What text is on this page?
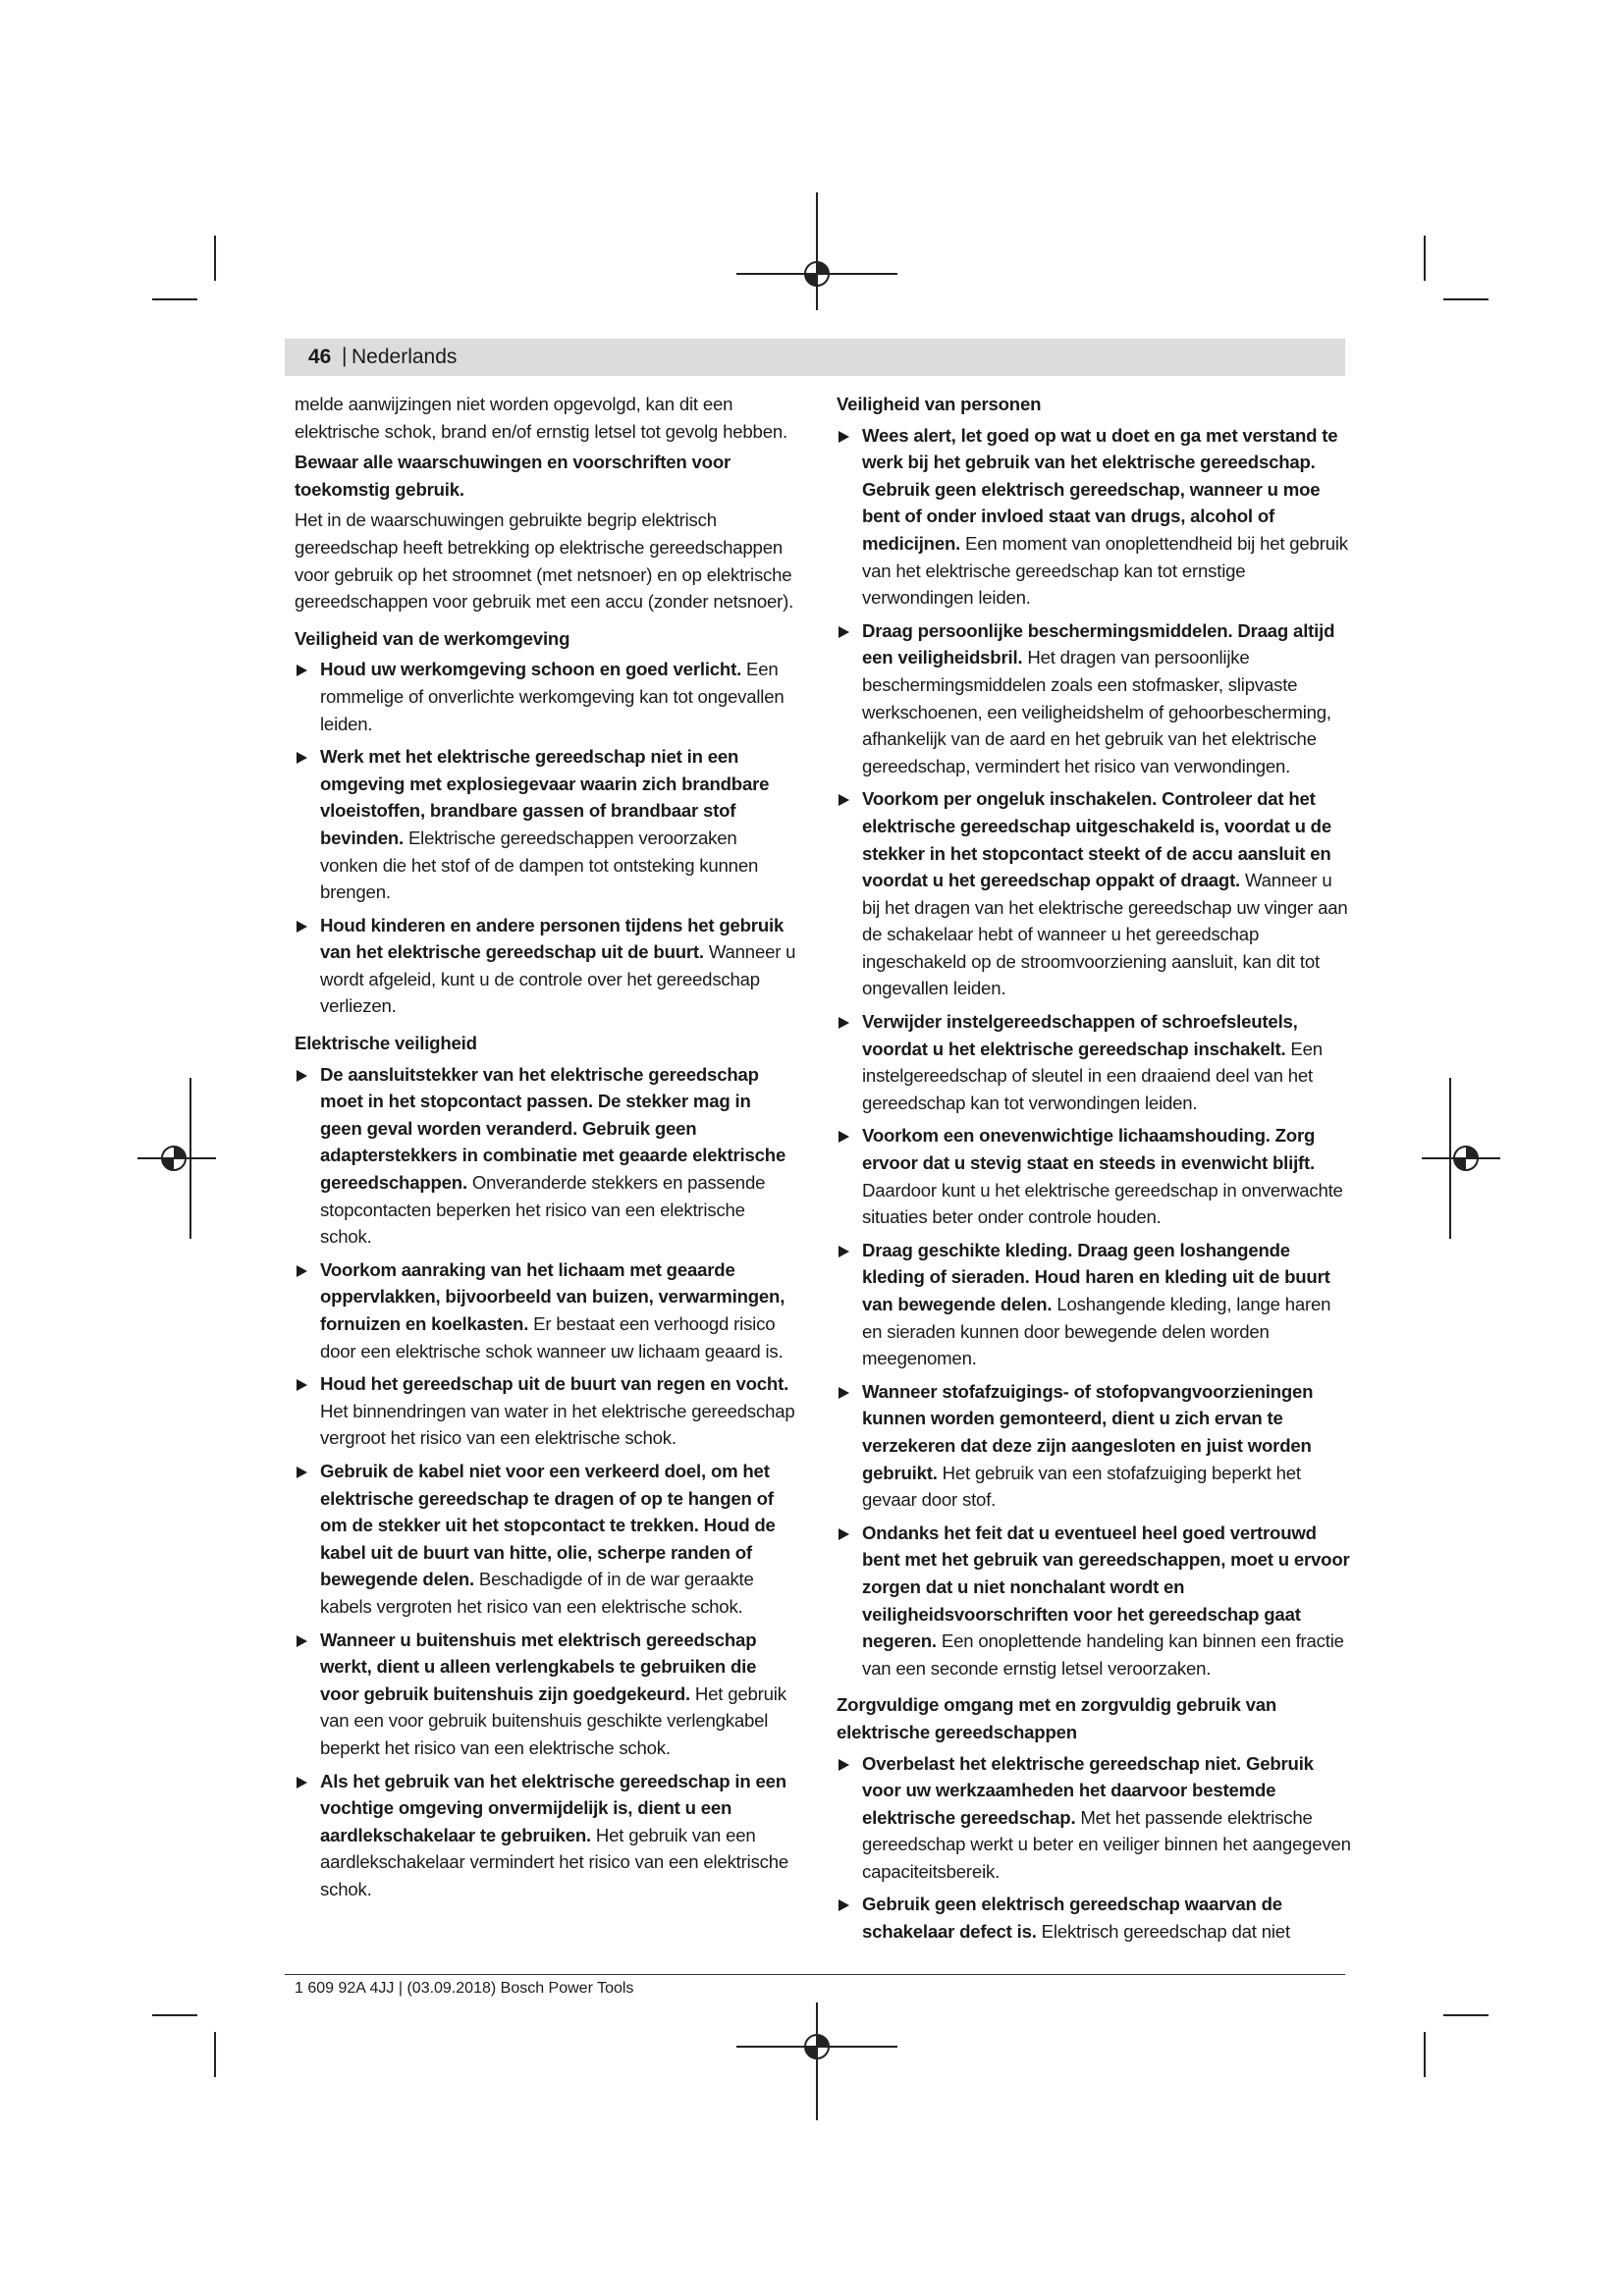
46 | Nederlands

melde aanwijzingen niet worden opgevolgd, kan dit een elektrische schok, brand en/of ernstig letsel tot gevolg hebben.

Bewaar alle waarschuwingen en voorschriften voor toekomstig gebruik.

Het in de waarschuwingen gebruikte begrip elektrisch gereedschap heeft betrekking op elektrische gereedschappen voor gebruik op het stroomnet (met netsnoer) en op elektrische gereedschappen voor gebruik met een accu (zonder netsnoer).

Veiligheid van de werkomgeving
Houd uw werkomgeving schoon en goed verlicht. Een rommelige of onverlichte werkomgeving kan tot ongevallen leiden.
Werk met het elektrische gereedschap niet in een omgeving met explosiegevaar waarin zich brandbare vloeistoffen, brandbare gassen of brandbaar stof bevinden. Elektrische gereedschappen veroorzaken vonken die het stof of de dampen tot ontsteking kunnen brengen.
Houd kinderen en andere personen tijdens het gebruik van het elektrische gereedschap uit de buurt. Wanneer u wordt afgeleid, kunt u de controle over het gereedschap verliezen.
Elektrische veiligheid
De aansluitstekker van het elektrische gereedschap moet in het stopcontact passen. De stekker mag in geen geval worden veranderd. Gebruik geen adapterstekkers in combinatie met geaarde elektrische gereedschappen. Onveranderde stekkers en passende stopcontacten beperken het risico van een elektrische schok.
Voorkom aanraking van het lichaam met geaarde oppervlakken, bijvoorbeeld van buizen, verwarmingen, fornuizen en koelkasten. Er bestaat een verhoogd risico door een elektrische schok wanneer uw lichaam geaard is.
Houd het gereedschap uit de buurt van regen en vocht. Het binnendringen van water in het elektrische gereedschap vergroot het risico van een elektrische schok.
Gebruik de kabel niet voor een verkeerd doel, om het elektrische gereedschap te dragen of op te hangen of om de stekker uit het stopcontact te trekken. Houd de kabel uit de buurt van hitte, olie, scherpe randen of bewegende delen. Beschadigde of in de war geraakte kabels vergroten het risico van een elektrische schok.
Wanneer u buitenshuis met elektrisch gereedschap werkt, dient u alleen verlengkabels te gebruiken die voor gebruik buitenshuis zijn goedgekeurd. Het gebruik van een voor gebruik buitenshuis geschikte verlengkabel beperkt het risico van een elektrische schok.
Als het gebruik van het elektrische gereedschap in een vochtige omgeving onvermijdelijk is, dient u een aardlekschakelaar te gebruiken. Het gebruik van een aardlekschakelaar vermindert het risico van een elektrische schok.
Veiligheid van personen
Wees alert, let goed op wat u doet en ga met verstand te werk bij het gebruik van het elektrische gereedschap. Gebruik geen elektrisch gereedschap, wanneer u moe bent of onder invloed staat van drugs, alcohol of medicijnen. Een moment van onoplettendheid bij het gebruik van het elektrische gereedschap kan tot ernstige verwondingen leiden.
Draag persoonlijke beschermingsmiddelen. Draag altijd een veiligheidsbril. Het dragen van persoonlijke beschermingsmiddelen zoals een stofmasker, slipvaste werkschoenen, een veiligheidshelm of gehoorbescherming, afhankelijk van de aard en het gebruik van het elektrische gereedschap, vermindert het risico van verwondingen.
Voorkom per ongeluk inschakelen. Controleer dat het elektrische gereedschap uitgeschakeld is, voordat u de stekker in het stopcontact steekt of de accu aansluit en voordat u het gereedschap oppakt of draagt. Wanneer u bij het dragen van het elektrische gereedschap uw vinger aan de schakelaar hebt of wanneer u het gereedschap ingeschakeld op de stroomvoorziening aansluit, kan dit tot ongevallen leiden.
Verwijder instelgereedschappen of schroefsleutels, voordat u het elektrische gereedschap inschakelt. Een instelgereedschap of sleutel in een draaiend deel van het gereedschap kan tot verwondingen leiden.
Voorkom een onevenwichtige lichaamshouding. Zorg ervoor dat u stevig staat en steeds in evenwicht blijft. Daardoor kunt u het elektrische gereedschap in onverwachte situaties beter onder controle houden.
Draag geschikte kleding. Draag geen loshangende kleding of sieraden. Houd haren en kleding uit de buurt van bewegende delen. Loshangende kleding, lange haren en sieraden kunnen door bewegende delen worden meegenomen.
Wanneer stofafzuigings- of stofopvangvoorzieningen kunnen worden gemonteerd, dient u zich ervan te verzekeren dat deze zijn aangesloten en juist worden gebruikt. Het gebruik van een stofafzuiging beperkt het gevaar door stof.
Ondanks het feit dat u eventueel heel goed vertrouwd bent met het gebruik van gereedschappen, moet u ervoor zorgen dat u niet nonchalant wordt en veiligheidsvoorschriften voor het gereedschap gaat negeren. Een onoplettende handeling kan binnen een fractie van een seconde ernstig letsel veroorzaken.
Zorgvuldige omgang met en zorgvuldig gebruik van elektrische gereedschappen
Overbelast het elektrische gereedschap niet. Gebruik voor uw werkzaamheden het daarvoor bestemde elektrische gereedschap. Met het passende elektrische gereedschap werkt u beter en veiliger binnen het aangegeven capaciteitsbereik.
Gebruik geen elektrisch gereedschap waarvan de schakelaar defect is. Elektrisch gereedschap dat niet
1 609 92A 4JJ | (03.09.2018) Bosch Power Tools
